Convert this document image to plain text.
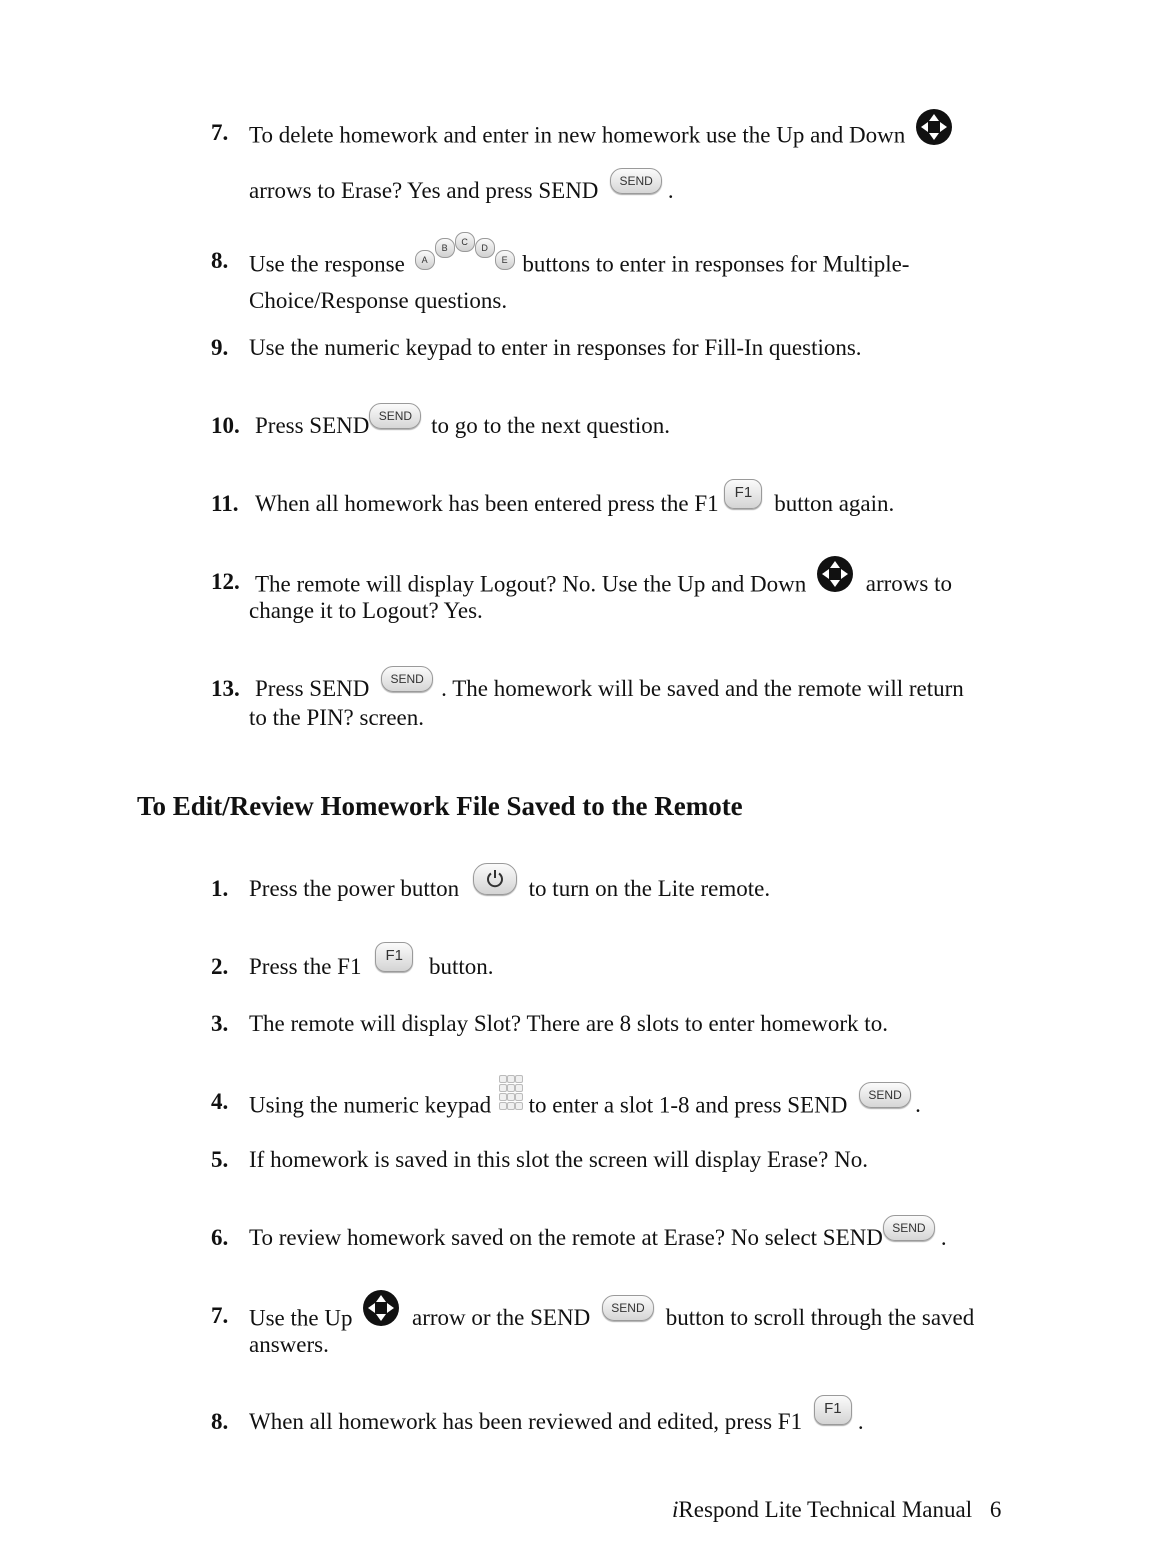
7. To delete homework and enter in new homework use the Up and Down
arrows to Erase? Yes and press SEND SEND .
8. Use the response	A
B
C
D
E buttons to enter in responses for Multiple-
Choice/Response questions.
9. Use the numeric keypad to enter in responses for Fill-In questions.
10. Press SEND SEND to go to the next question.
11. When all homework has been entered press the F1 F1 button again.
12. The remote will display Logout? No. Use the Up and Down	arrows to
change it to Logout? Yes.
13. Press SEND SEND . The homework will be saved and the remote will return
to the PIN? screen.
To Edit/Review Homework File Saved to the Remote
1. Press the power button	to turn on the Lite remote.
2. Press the F1 F1 button.
3. The remote will display Slot? There are 8 slots to enter homework to.
4. Using the numeric keypad to enter a slot 1-8 and press SEND SEND .
5. If homework is saved in this slot the screen will display Erase? No.
6. To review homework saved on the remote at Erase? No select SEND SEND .
7. Use the Up	arrow or the SEND SEND button to scroll through the saved
answers.
8. When all homework has been reviewed and edited, press F1 F1.
iRespond Lite Technical Manual 6
